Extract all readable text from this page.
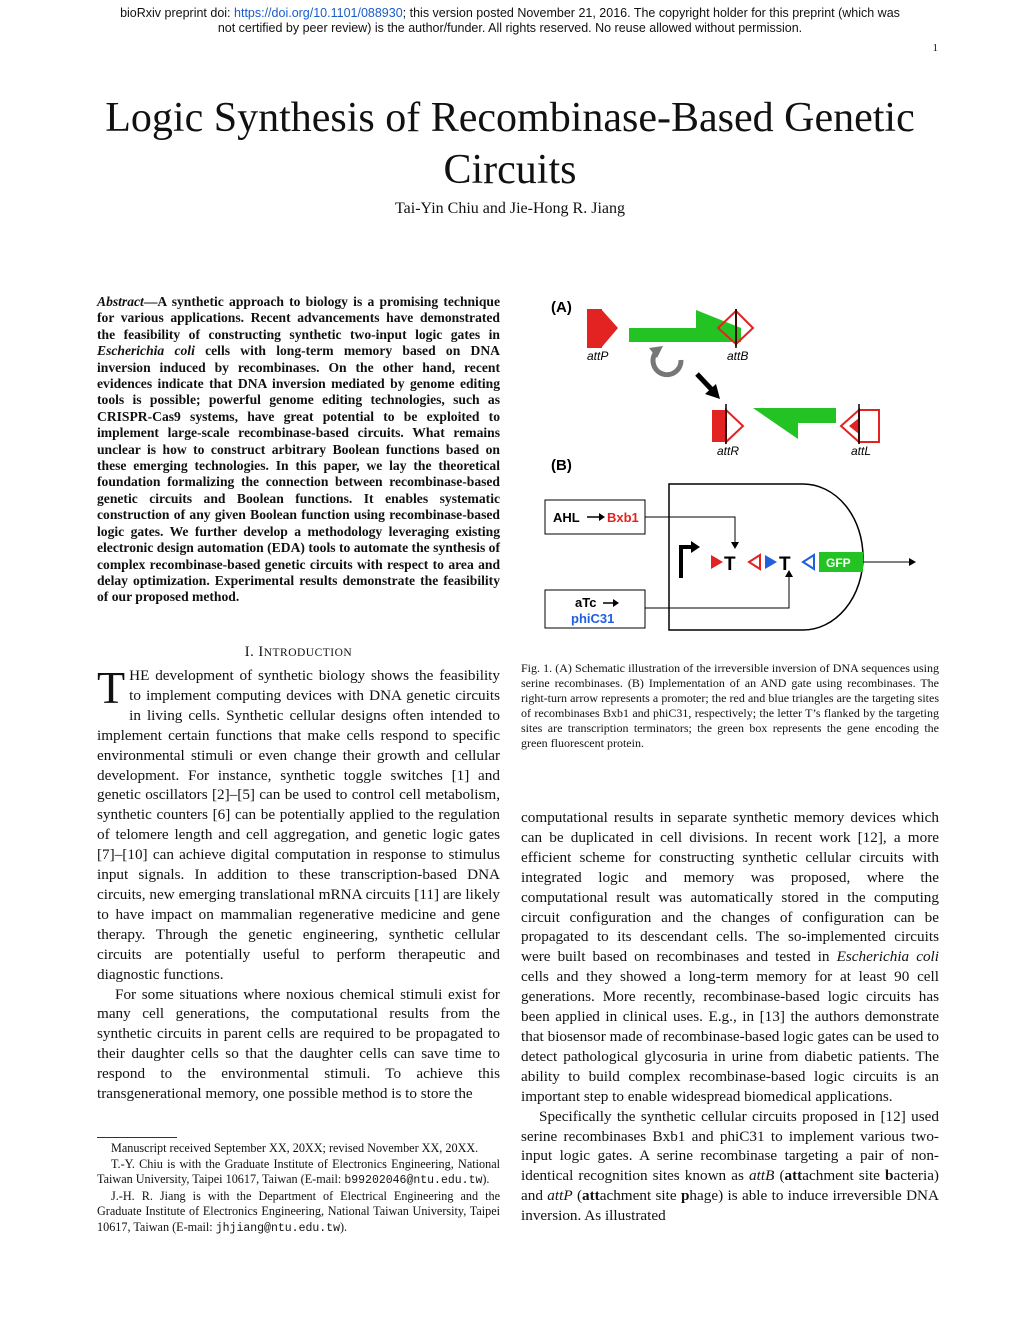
bioRxiv preprint doi: https://doi.org/10.1101/088930; this version posted November 21, 2016. The copyright holder for this preprint (which was
not certified by peer review) is the author/funder. All rights reserved. No reuse allowed without permission.
1
Logic Synthesis of Recombinase-Based Genetic Circuits
Tai-Yin Chiu and Jie-Hong R. Jiang
Abstract—A synthetic approach to biology is a promising technique for various applications. Recent advancements have demonstrated the feasibility of constructing synthetic two-input logic gates in Escherichia coli cells with long-term memory based on DNA inversion induced by recombinases. On the other hand, recent evidences indicate that DNA inversion mediated by genome editing tools is possible; powerful genome editing technologies, such as CRISPR-Cas9 systems, have great potential to be exploited to implement large-scale recombinase-based circuits. What remains unclear is how to construct arbitrary Boolean functions based on these emerging technologies. In this paper, we lay the theoretical foundation formalizing the connection between recombinase-based genetic circuits and Boolean functions. It enables systematic construction of any given Boolean function using recombinase-based logic gates. We further develop a methodology leveraging existing electronic design automation (EDA) tools to automate the synthesis of complex recombinase-based genetic circuits with respect to area and delay optimization. Experimental results demonstrate the feasibility of our proposed method.
I. INTRODUCTION

THE development of synthetic biology shows the feasibility to implement computing devices with DNA genetic circuits in living cells. Synthetic cellular designs often intended to implement certain functions that make cells respond to specific environmental stimuli or even change their growth and cellular development. For instance, synthetic toggle switches [1] and genetic oscillators [2]–[5] can be used to control cell metabolism, synthetic counters [6] can be potentially applied to the regulation of telomere length and cell aggregation, and genetic logic gates [7]–[10] can achieve digital computation in response to stimulus input signals. In addition to these transcription-based DNA circuits, new emerging translational mRNA circuits [11] are likely to have impact on mammalian regenerative medicine and gene therapy. Through the genetic engineering, synthetic cellular circuits are potentially useful to perform therapeutic and diagnostic functions.

For some situations where noxious chemical stimuli exist for many cell generations, the computational results from the synthetic circuits in parent cells are required to be propagated to their daughter cells so that the daughter cells can save time to respond to the environmental stimuli. To achieve this transgenerational memory, one possible method is to store the

Manuscript received September XX, 20XX; revised November XX, 20XX.

T.-Y. Chiu is with the Graduate Institute of Electronics Engineering, National Taiwan University, Taipei 10617, Taiwan (E-mail: b99202046@ntu.edu.tw).

J.-H. R. Jiang is with the Department of Electrical Engineering and the Graduate Institute of Electronics Engineering, National Taiwan University, Taipei 10617, Taiwan (E-mail: jhjiang@ntu.edu.tw).

(A)
attP	attB
attR	attL
(B)
AHL Bxb1
aTc
phiC31
T T	GFP
Fig. 1. (A) Schematic illustration of the irreversible inversion of DNA sequences using serine recombinases. (B) Implementation of an AND gate using recombinases. The right-turn arrow represents a promoter; the red and blue triangles are the targeting sites of recombinases Bxb1 and phiC31, respectively; the letter T’s flanked by the targeting sites are transcription terminators; the green box represents the gene encoding the green fluorescent protein.

computational results in separate synthetic memory devices which can be duplicated in cell divisions. In recent work [12], a more efficient scheme for constructing synthetic cellular circuits with integrated logic and memory was proposed, where the computational result was automatically stored in the computing circuit configuration and the changes of configuration can be propagated to its descendant cells. The so-implemented circuits were built based on recombinases and tested in Escherichia coli cells and they showed a long-term memory for at least 90 cell generations. More recently, recombinase-based logic circuits has been applied in clinical uses. E.g., in [13] the authors demonstrate that biosensor made of recombinase-based logic gates can be used to detect pathological glycosuria in urine from diabetic patients. The ability to build complex recombinase-based logic circuits is an important step to enable widespread biomedical applications.

Specifically the synthetic cellular circuits proposed in [12] used serine recombinases Bxb1 and phiC31 to implement various two-input logic gates. A serine recombinase targeting a pair of non-identical recognition sites known as attB (attachment site bacteria) and attP (attachment site phage) is able to induce irreversible DNA inversion. As illustrated
